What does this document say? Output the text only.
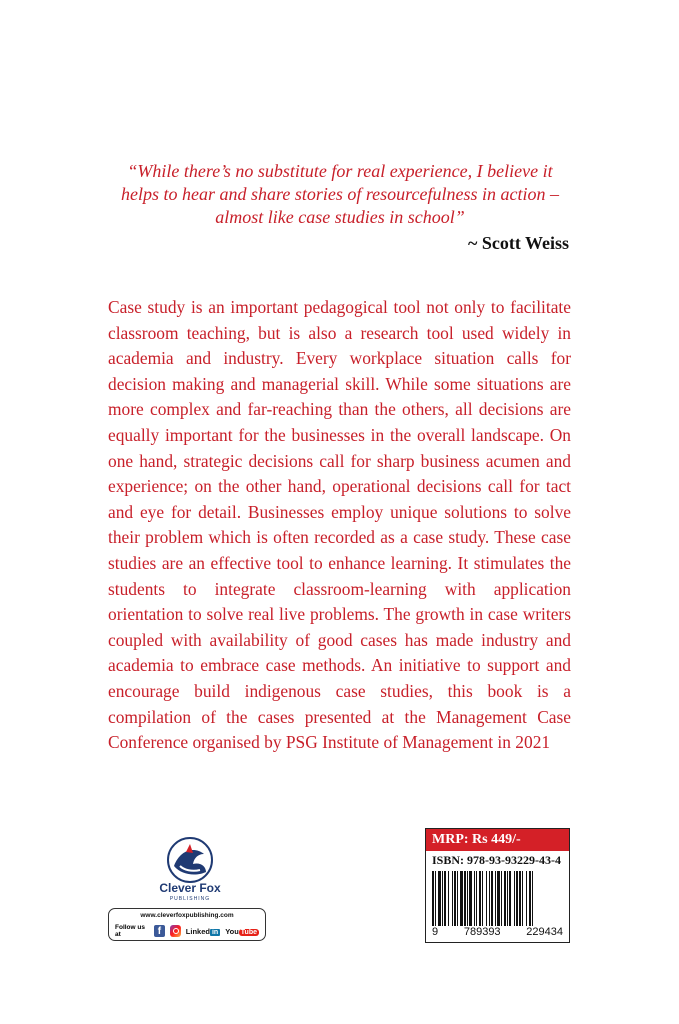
“While there’s no substitute for real experience, I believe it
helps to hear and share stories of resourcefulness in action –
almost like case studies in school”
~ Scott Weiss
Case study is an important pedagogical tool not only to facilitate classroom teaching, but is also a research tool used widely in academia and industry. Every workplace situation calls for decision making and managerial skill. While some situations are more complex and far-reaching than the others, all decisions are equally important for the businesses in the overall landscape. On one hand, strategic decisions call for sharp business acumen and experience; on the other hand, operational decisions call for tact and eye for detail. Businesses employ unique solutions to solve their problem which is often recorded as a case study. These case studies are an effective tool to enhance learning. It stimulates the students to integrate classroom-learning with application orientation to solve real live problems. The growth in case writers coupled with availability of good cases has made industry and academia to embrace case methods. An initiative to support and encourage build indigenous case studies, this book is a compilation of the cases presented at the Management Case Conference organised by PSG Institute of Management in 2021
Clever Fox
PUBLISHING
www.cleverfoxpublishing.com
Follow us at	f	Linked in You Tube
MRP: Rs 449/-
ISBN: 978-93-93229-43-4
9 789393 229434
